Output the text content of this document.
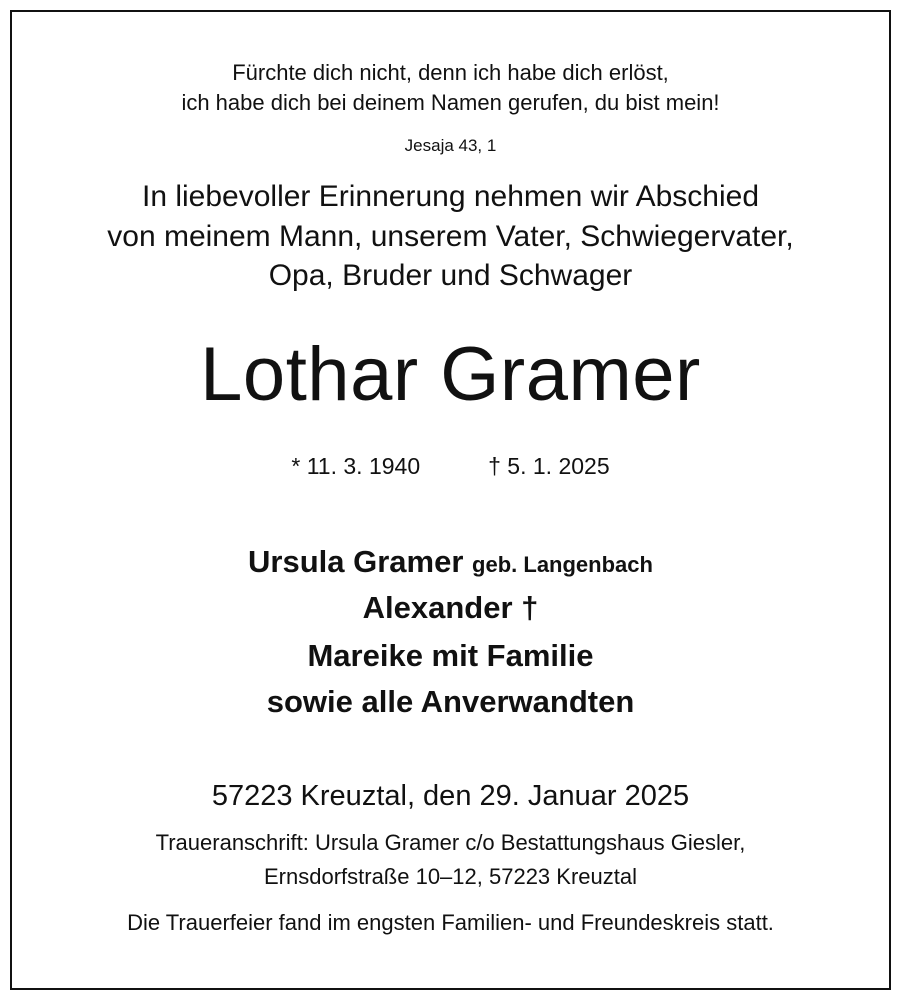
Fürchte dich nicht, denn ich habe dich erlöst,
ich habe dich bei deinem Namen gerufen, du bist mein!
Jesaja 43, 1
In liebevoller Erinnerung nehmen wir Abschied
von meinem Mann, unserem Vater, Schwiegervater,
Opa, Bruder und Schwager
Lothar Gramer
* 11. 3. 1940	† 5. 1. 2025
Ursula Gramer geb. Langenbach
Alexander †
Mareike mit Familie
sowie alle Anverwandten
57223 Kreuztal, den 29. Januar 2025
Traueranschrift: Ursula Gramer c/o Bestattungshaus Giesler,
Ernsdorfstraße 10–12, 57223 Kreuztal
Die Trauerfeier fand im engsten Familien- und Freundeskreis statt.
